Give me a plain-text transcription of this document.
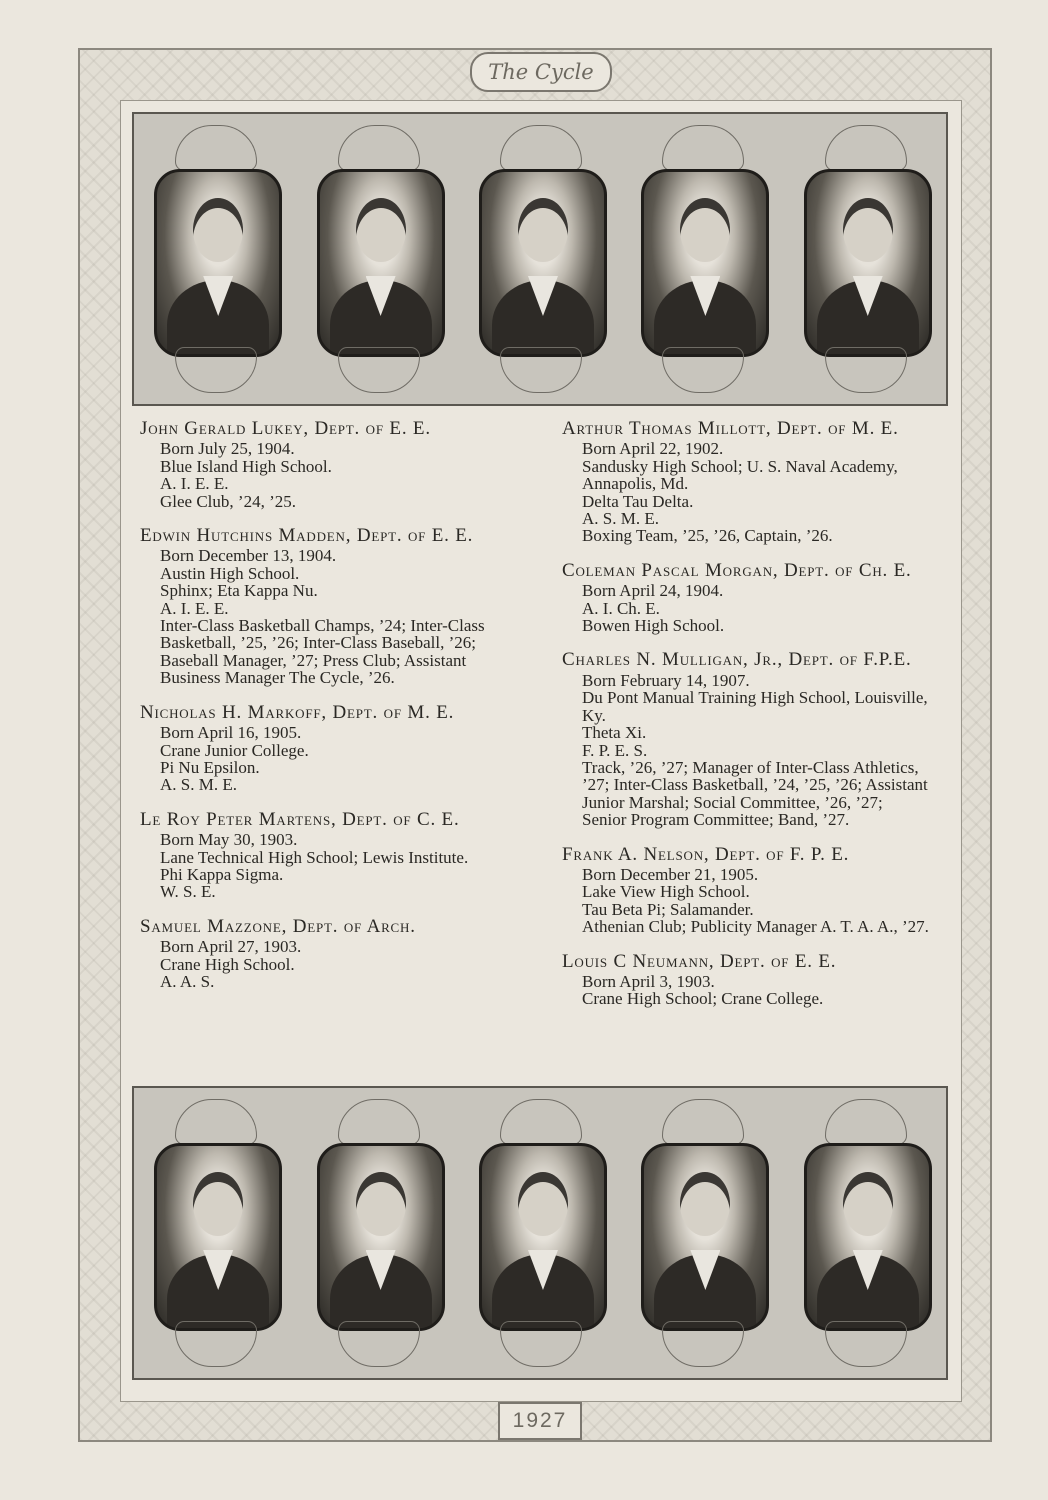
The Cycle
John Gerald Lukey, Dept. of E. E.
Born July 25, 1904.
Blue Island High School.
A. I. E. E.
Glee Club, ’24, ’25.
Edwin Hutchins Madden, Dept. of E. E.
Born December 13, 1904.
Austin High School.
Sphinx; Eta Kappa Nu.
A. I. E. E.
Inter-Class Basketball Champs, ’24; Inter-Class Basketball, ’25, ’26; Inter-Class Baseball, ’26; Baseball Manager, ’27; Press Club; Assistant Business Manager The Cycle, ’26.
Nicholas H. Markoff, Dept. of M. E.
Born April 16, 1905.
Crane Junior College.
Pi Nu Epsilon.
A. S. M. E.
Le Roy Peter Martens, Dept. of C. E.
Born May 30, 1903.
Lane Technical High School; Lewis Institute.
Phi Kappa Sigma.
W. S. E.
Samuel Mazzone, Dept. of Arch.
Born April 27, 1903.
Crane High School.
A. A. S.
Arthur Thomas Millott, Dept. of M. E.
Born April 22, 1902.
Sandusky High School; U. S. Naval Academy, Annapolis, Md.
Delta Tau Delta.
A. S. M. E.
Boxing Team, ’25, ’26, Captain, ’26.
Coleman Pascal Morgan, Dept. of Ch. E.
Born April 24, 1904.
A. I. Ch. E.
Bowen High School.
Charles N. Mulligan, Jr., Dept. of F.P.E.
Born February 14, 1907.
Du Pont Manual Training High School, Louisville, Ky.
Theta Xi.
F. P. E. S.
Track, ’26, ’27; Manager of Inter-Class Athletics, ’27; Inter-Class Basketball, ’24, ’25, ’26; Assistant Junior Marshal; Social Committee, ’26, ’27; Senior Program Committee; Band, ’27.
Frank A. Nelson, Dept. of F. P. E.
Born December 21, 1905.
Lake View High School.
Tau Beta Pi; Salamander.
Athenian Club; Publicity Manager A. T. A. A., ’27.
Louis C Neumann, Dept. of E. E.
Born April 3, 1903.
Crane High School; Crane College.
1927
